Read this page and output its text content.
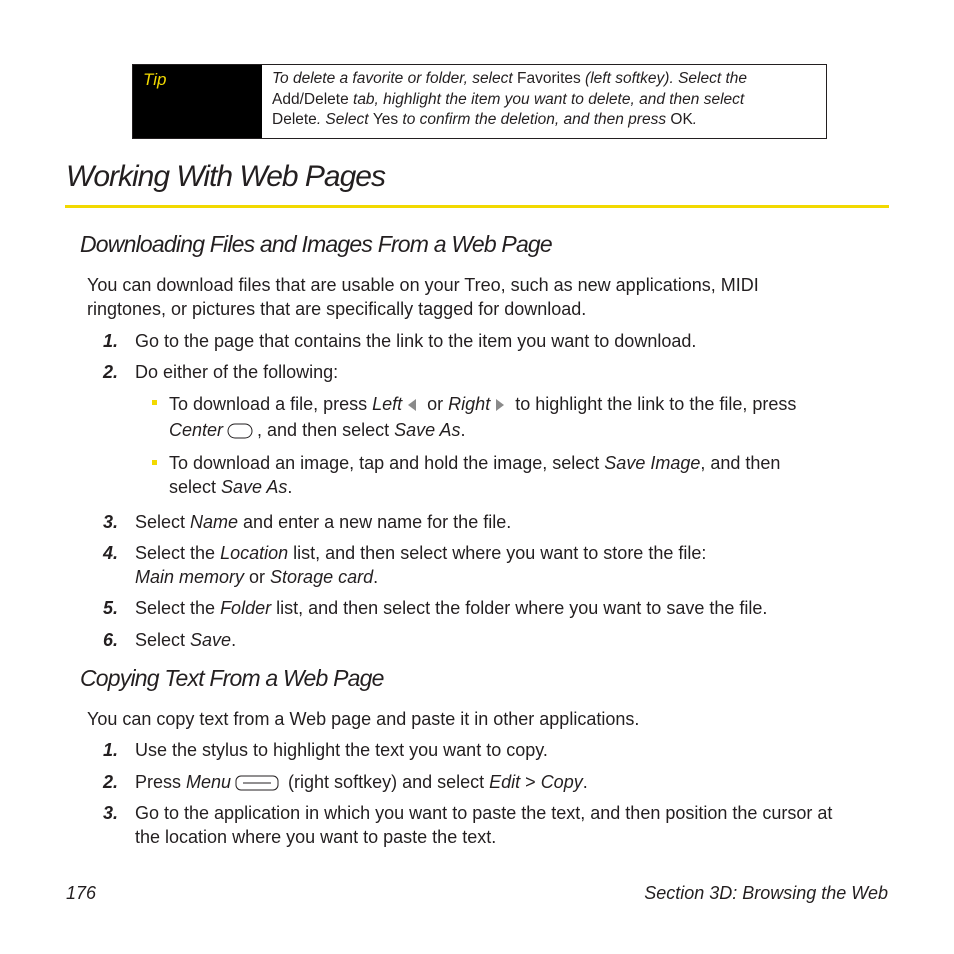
Tip	To delete a favorite or folder, select Favorites (left softkey). Select the
Add/Delete tab, highlight the item you want to delete, and then select
Delete. Select Yes to confirm the deletion, and then press OK.
Working With Web Pages
Downloading Files and Images From a Web Page

You can download files that are usable on your Treo, such as new applications, MIDI
ringtones, or pictures that are specifically tagged for download.

1. Go to the page that contains the link to the item you want to download.
2. Do either of the following:
To download a file, press Left or Right to highlight the link to the file, press
Center , and then select Save As.
To download an image, tap and hold the image, select Save Image, and then
select Save As.
3. Select Name and enter a new name for the file.
4. Select the Location list, and then select where you want to store the file:
Main memory or Storage card.
5. Select the Folder list, and then select the folder where you want to save the file.
6. Select Save.
Copying Text From a Web Page

You can copy text from a Web page and paste it in other applications.

1. Use the stylus to highlight the text you want to copy.
2. Press Menu	(right softkey) and select Edit > Copy.
3. Go to the application in which you want to paste the text, and then position the cursor at
the location where you want to paste the text.
176	Section 3D: Browsing the Web
